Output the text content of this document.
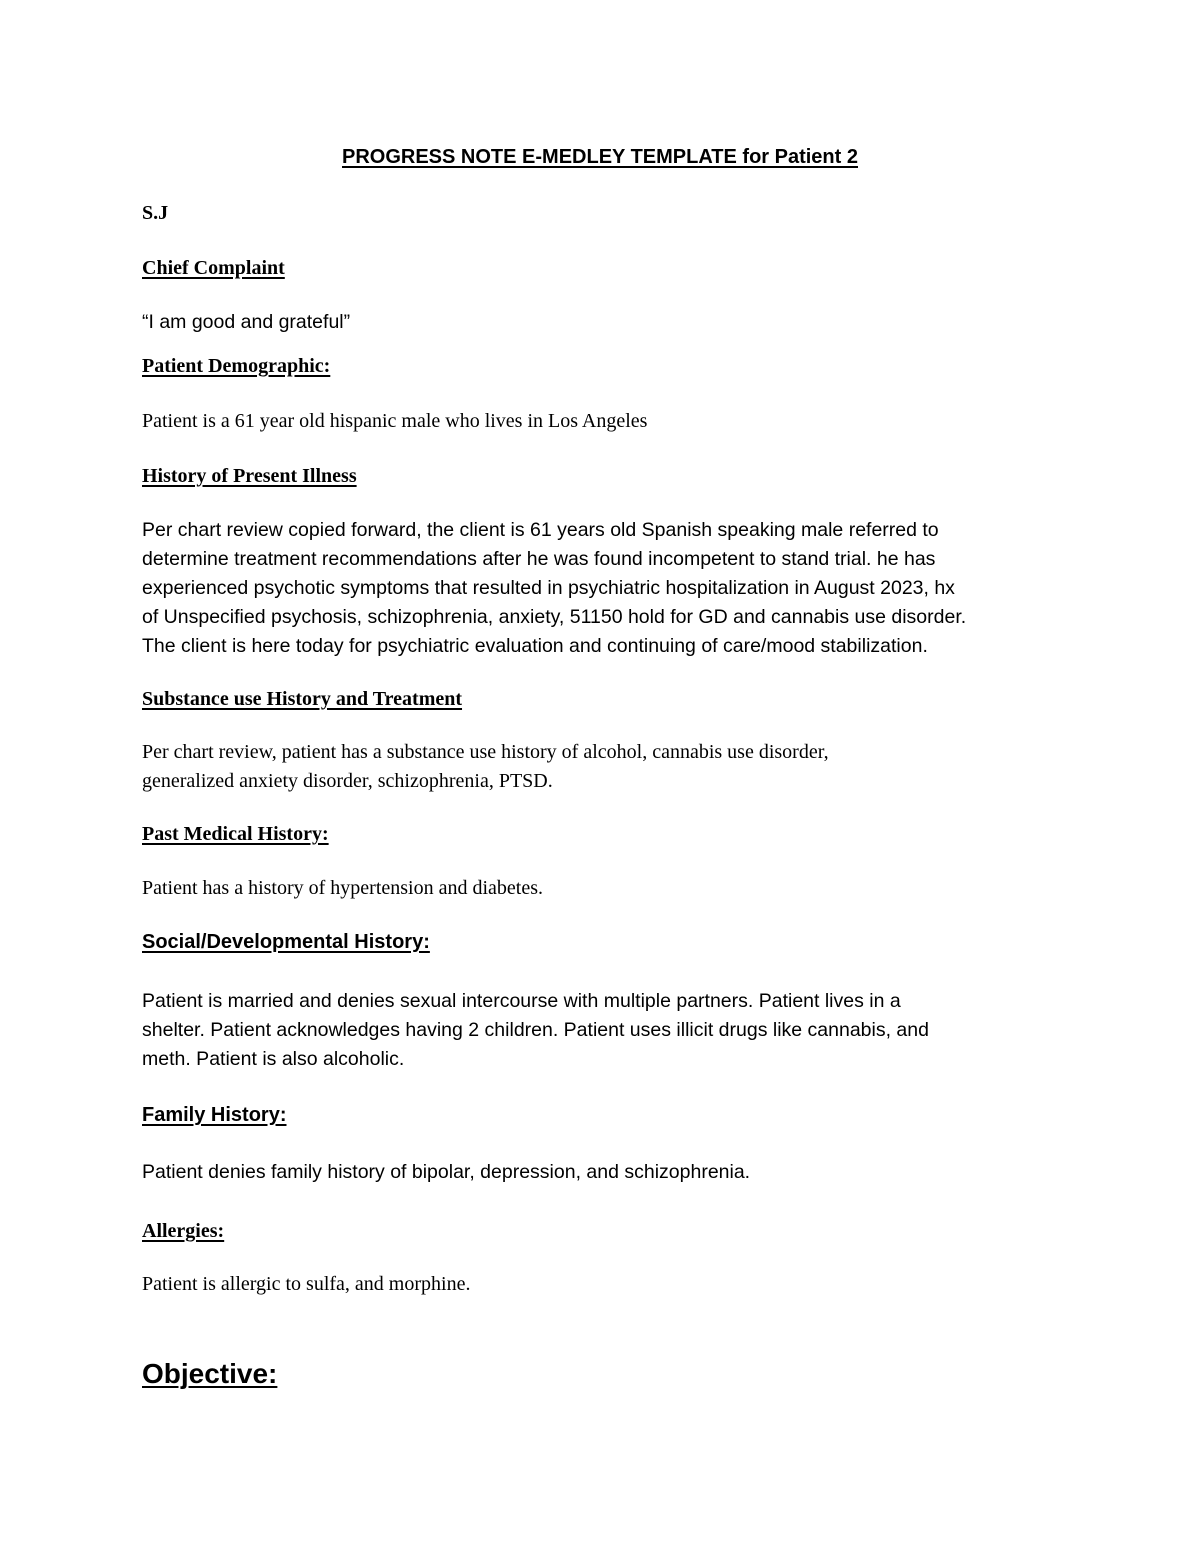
PROGRESS NOTE E-MEDLEY TEMPLATE for Patient 2
S.J
Chief Complaint
“I am good and grateful”
Patient Demographic:
Patient is a 61 year old hispanic male who lives in Los Angeles
History of Present Illness
Per chart review copied forward, the client is 61 years old Spanish speaking male referred to
determine treatment recommendations after he was found incompetent to stand trial. he has
experienced psychotic symptoms that resulted in psychiatric hospitalization in August 2023, hx
of Unspecified psychosis, schizophrenia, anxiety, 51150 hold for GD and cannabis use disorder.
The client is here today for psychiatric evaluation and continuing of care/mood stabilization.
Substance use History and Treatment
Per chart review, patient has a substance use history of alcohol, cannabis use disorder,
generalized anxiety disorder, schizophrenia, PTSD.
Past Medical History:
Patient has a history of hypertension and diabetes.
Social/Developmental History:
Patient is married and denies sexual intercourse with multiple partners. Patient lives in a
shelter. Patient acknowledges having 2 children. Patient uses illicit drugs like cannabis, and
meth. Patient is also alcoholic.
Family History:
Patient denies family history of bipolar, depression, and schizophrenia.
Allergies:
Patient is allergic to sulfa, and morphine.
Objective:
